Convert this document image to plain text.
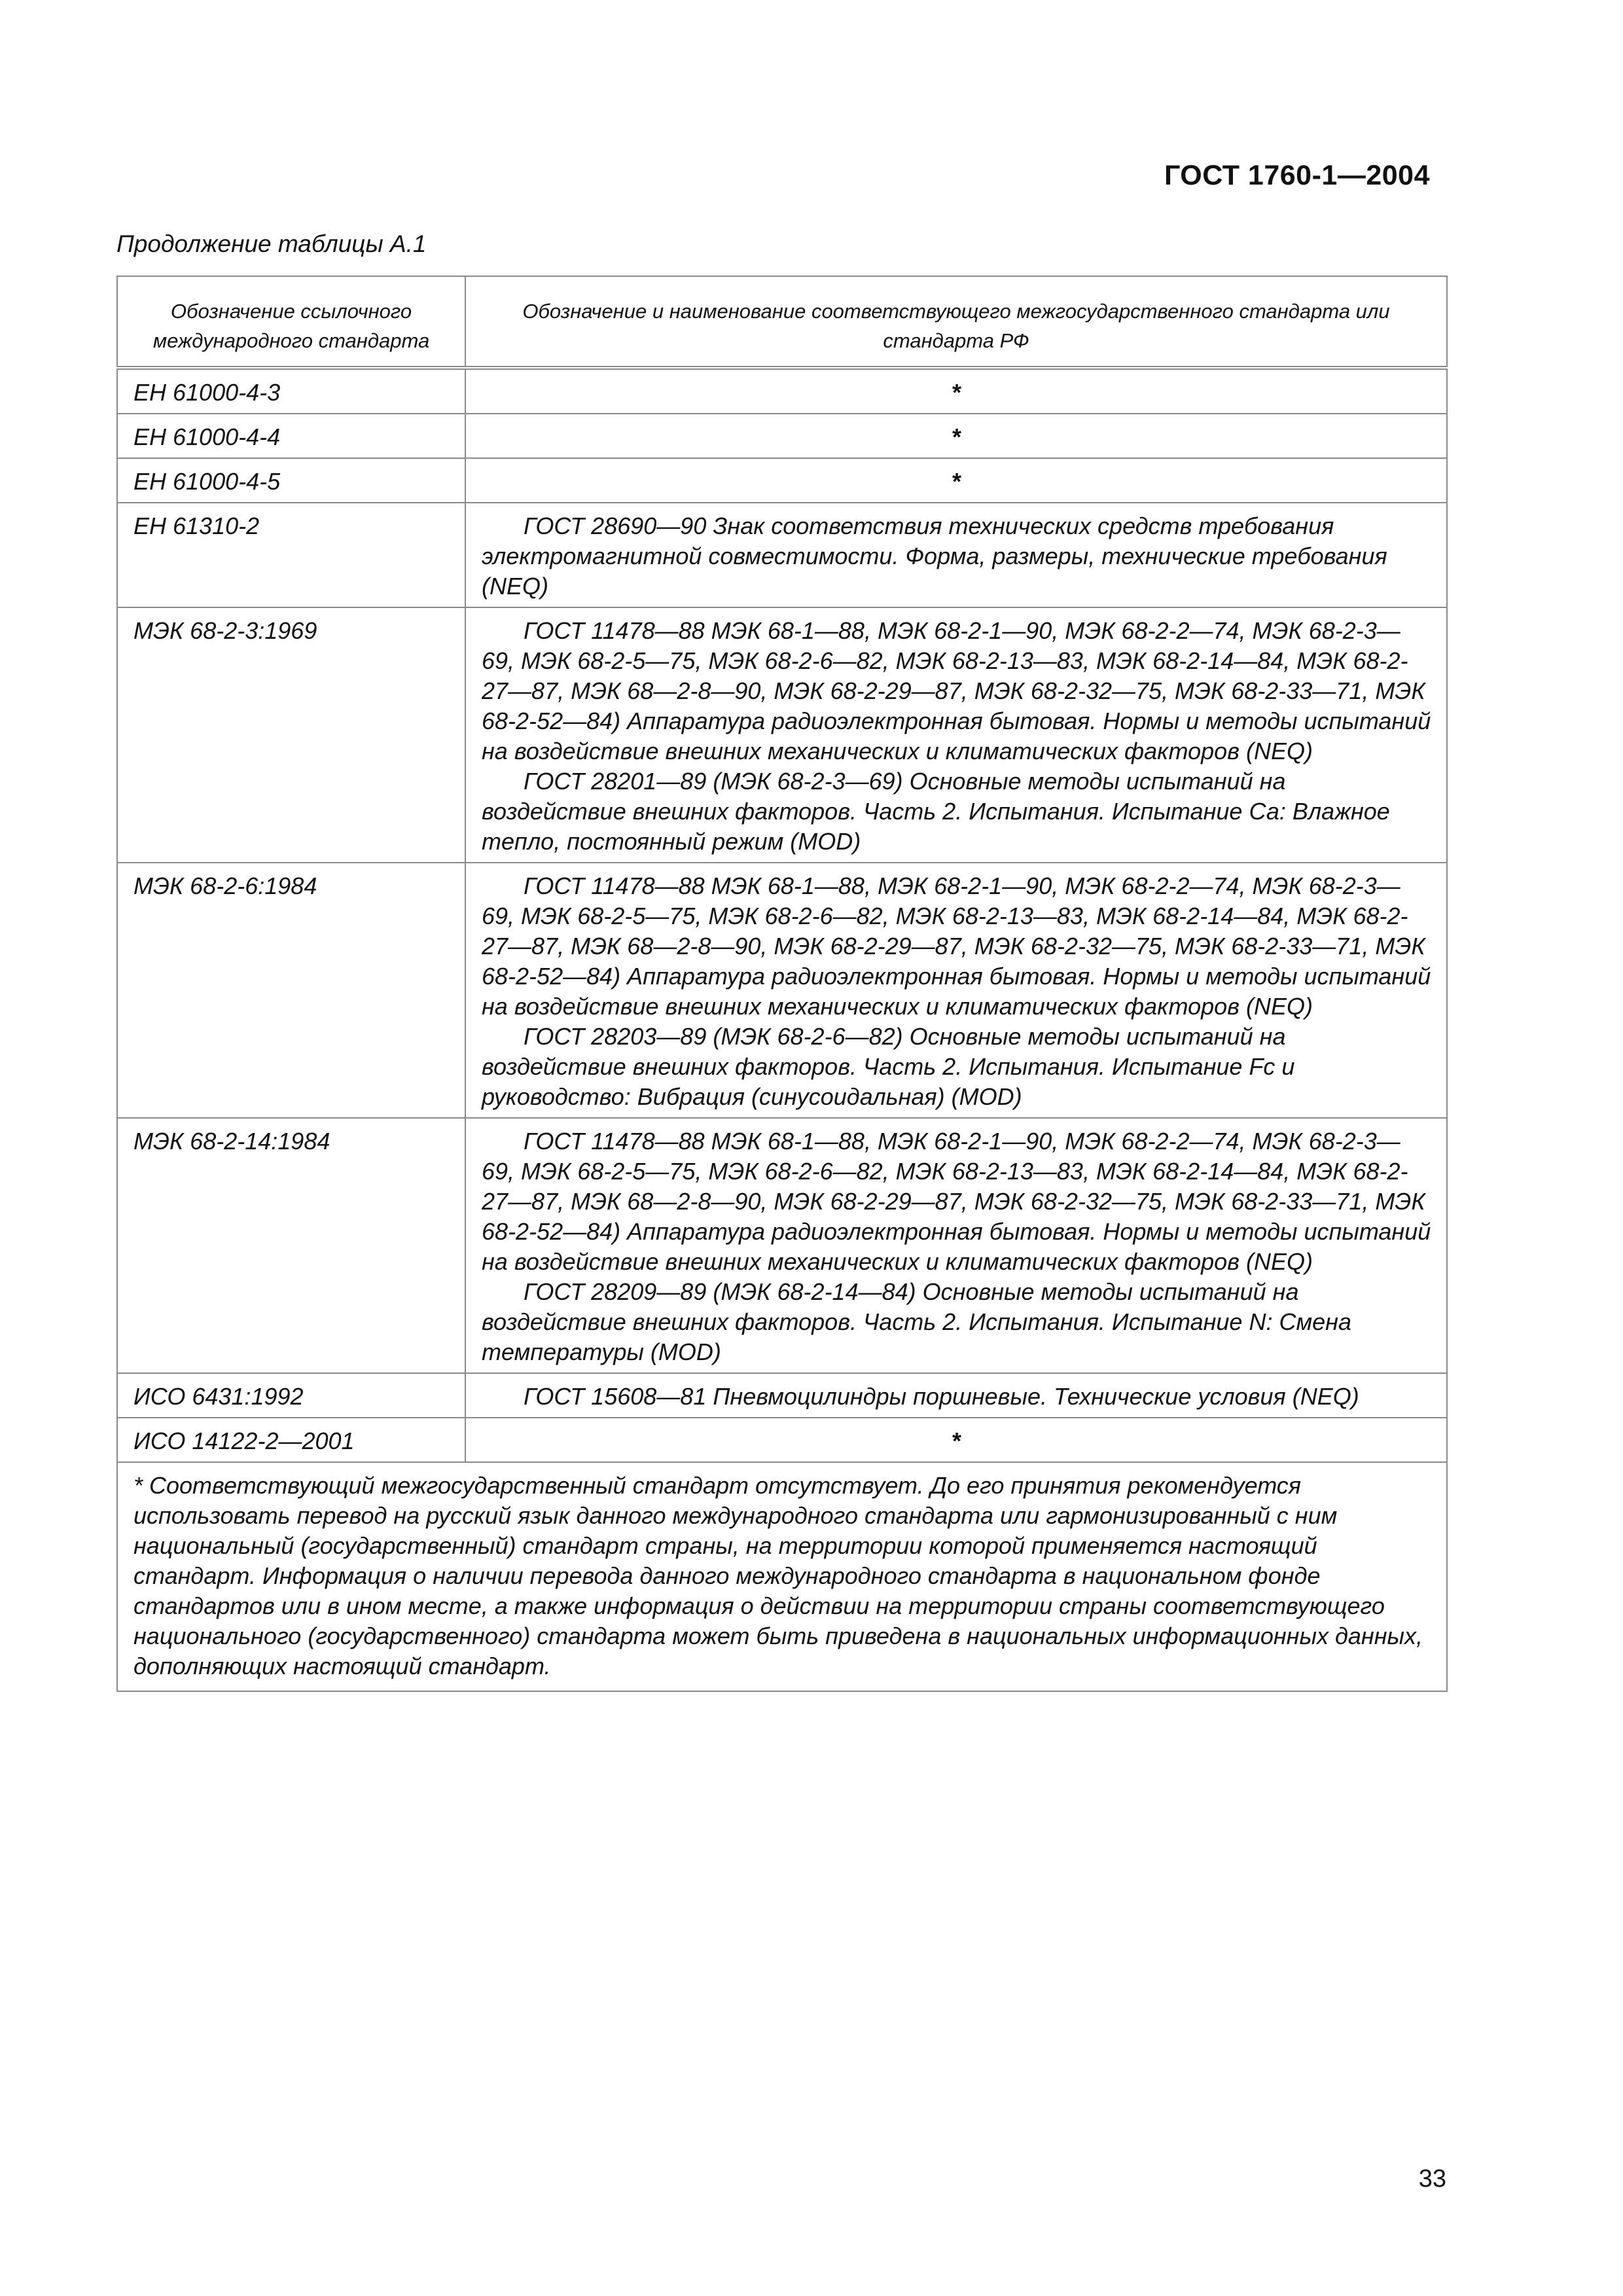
ГОСТ 1760-1—2004
Продолжение таблицы А.1
Обозначение ссылочного международного стандарта	Обозначение и наименование соответствующего межгосударственного стандарта или стандарта РФ
ЕН 61000-4-3	*
ЕН 61000-4-4	*
ЕН 61000-4-5	*
ЕН 61310-2	ГОСТ 28690—90 Знак соответствия технических средств требования электромагнитной совместимости. Форма, размеры, технические требования (NEQ)

МЭК 68-2-3:1969	ГОСТ 11478—88 МЭК 68-1—88, МЭК 68-2-1—90, МЭК 68-2-2—74, МЭК 68-2-3—69, МЭК 68-2-5—75, МЭК 68-2-6—82, МЭК 68-2-13—83, МЭК 68-2-14—84, МЭК 68-2-27—87, МЭК 68—2-8—90, МЭК 68-2-29—87, МЭК 68-2-32—75, МЭК 68-2-33—71, МЭК 68-2-52—84) Аппаратура радиоэлектронная бытовая. Нормы и методы испытаний на воздействие внешних механических и климатических факторов (NEQ)

ГОСТ 28201—89 (МЭК 68-2-3—69) Основные методы испытаний на воздействие внешних факторов. Часть 2. Испытания. Испытание Са: Влажное тепло, постоянный режим (MOD)

МЭК 68-2-6:1984	ГОСТ 11478—88 МЭК 68-1—88, МЭК 68-2-1—90, МЭК 68-2-2—74, МЭК 68-2-3—69, МЭК 68-2-5—75, МЭК 68-2-6—82, МЭК 68-2-13—83, МЭК 68-2-14—84, МЭК 68-2-27—87, МЭК 68—2-8—90, МЭК 68-2-29—87, МЭК 68-2-32—75, МЭК 68-2-33—71, МЭК 68-2-52—84) Аппаратура радиоэлектронная бытовая. Нормы и методы испытаний на воздействие внешних механических и климатических факторов (NEQ)

ГОСТ 28203—89 (МЭК 68-2-6—82) Основные методы испытаний на воздействие внешних факторов. Часть 2. Испытания. Испытание Fc и руководство: Вибрация (синусоидальная) (MOD)

МЭК 68-2-14:1984	ГОСТ 11478—88 МЭК 68-1—88, МЭК 68-2-1—90, МЭК 68-2-2—74, МЭК 68-2-3—69, МЭК 68-2-5—75, МЭК 68-2-6—82, МЭК 68-2-13—83, МЭК 68-2-14—84, МЭК 68-2-27—87, МЭК 68—2-8—90, МЭК 68-2-29—87, МЭК 68-2-32—75, МЭК 68-2-33—71, МЭК 68-2-52—84) Аппаратура радиоэлектронная бытовая. Нормы и методы испытаний на воздействие внешних механических и климатических факторов (NEQ)

ГОСТ 28209—89 (МЭК 68-2-14—84) Основные методы испытаний на воздействие внешних факторов. Часть 2. Испытания. Испытание N: Смена температуры (MOD)

ИСО 6431:1992	ГОСТ 15608—81 Пневмоцилиндры поршневые. Технические условия (NEQ)

ИСО 14122-2—2001	*
* Соответствующий межгосударственный стандарт отсутствует. До его принятия рекомендуется использовать перевод на русский язык данного международного стандарта или гармонизированный с ним национальный (государственный) стандарт страны, на территории которой применяется настоящий стандарт. Информация о наличии перевода данного международного стандарта в национальном фонде стандартов или в ином месте, а также информация о действии на территории страны соответствующего национального (государственного) стандарта может быть приведена в национальных информационных данных, дополняющих настоящий стандарт.	
33
